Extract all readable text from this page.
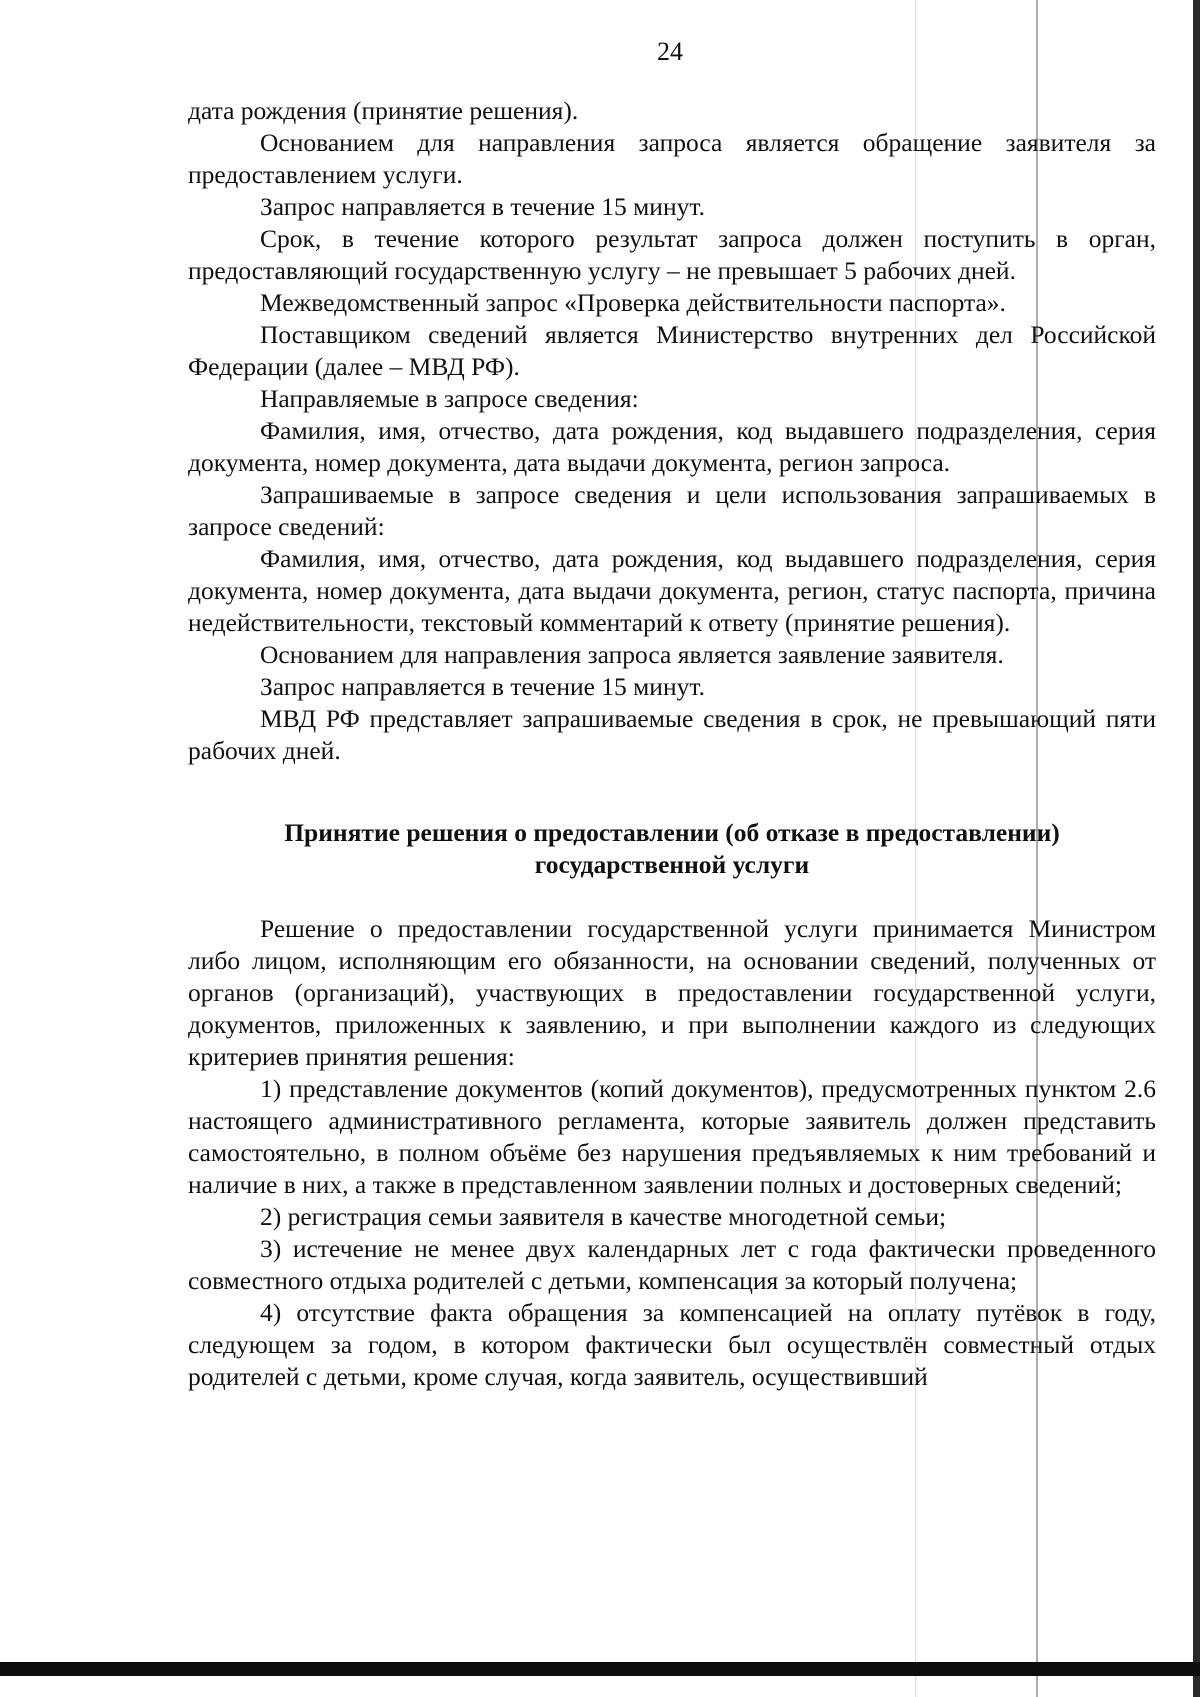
24

дата рождения (принятие решения).

Основанием для направления запроса является обращение заявителя за предоставлением услуги.

Запрос направляется в течение 15 минут.

Срок, в течение которого результат запроса должен поступить в орган, предоставляющий государственную услугу – не превышает 5 рабочих дней.

Межведомственный запрос «Проверка действительности паспорта».

Поставщиком сведений является Министерство внутренних дел Российской Федерации (далее – МВД РФ).

Направляемые в запросе сведения:

Фамилия, имя, отчество, дата рождения, код выдавшего подразделения, серия документа, номер документа, дата выдачи документа, регион запроса.

Запрашиваемые в запросе сведения и цели использования запрашиваемых в запросе сведений:

Фамилия, имя, отчество, дата рождения, код выдавшего подразделения, серия документа, номер документа, дата выдачи документа, регион, статус паспорта, причина недействительности, текстовый комментарий к ответу (принятие решения).

Основанием для направления запроса является заявление заявителя.

Запрос направляется в течение 15 минут.

МВД РФ представляет запрашиваемые сведения в срок, не превышающий пяти рабочих дней.

Принятие решения о предоставлении (об отказе в предоставлении)
государственной услуги

Решение о предоставлении государственной услуги принимается Министром либо лицом, исполняющим его обязанности, на основании сведений, полученных от органов (организаций), участвующих в предоставлении государственной услуги, документов, приложенных к заявлению, и при выполнении каждого из следующих критериев принятия решения:

1) представление документов (копий документов), предусмотренных пунктом 2.6 настоящего административного регламента, которые заявитель должен представить самостоятельно, в полном объёме без нарушения предъявляемых к ним требований и наличие в них, а также в представленном заявлении полных и достоверных сведений;

2) регистрация семьи заявителя в качестве многодетной семьи;

3) истечение не менее двух календарных лет с года фактически проведенного совместного отдыха родителей с детьми, компенсация за который получена;

4) отсутствие факта обращения за компенсацией на оплату путёвок в году, следующем за годом, в котором фактически был осуществлён совместный отдых родителей с детьми, кроме случая, когда заявитель, осуществивший
